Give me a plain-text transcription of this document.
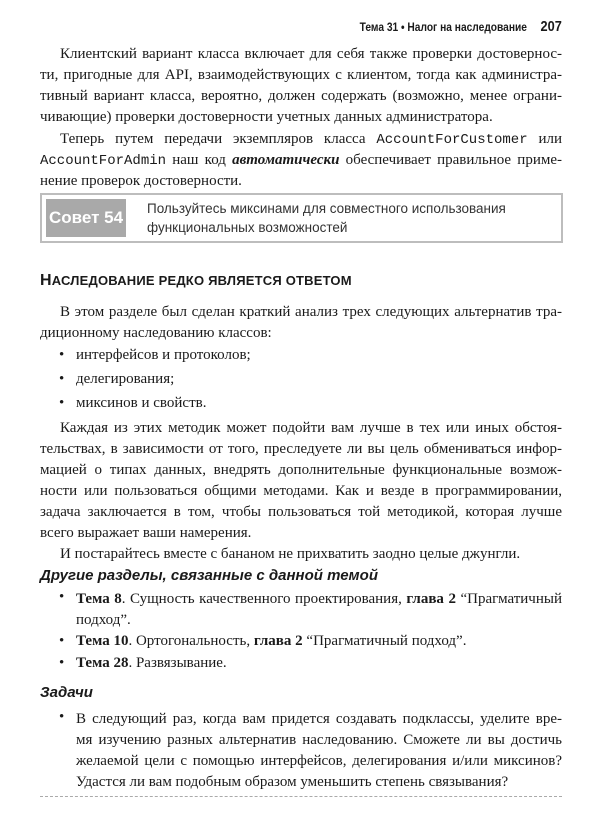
Тема 31 • Налог на наследование 207
Клиентский вариант класса включает для себя также проверки достовернос-
ти, пригодные для API, взаимодействующих с клиентом, тогда как администра-
тивный вариант класса, вероятно, должен содержать (возможно, менее ограни-
чивающие) проверки достоверности учетных данных администратора.
Теперь путем передачи экземпляров класса AccountForCustomer или
AccountForAdmin наш код автоматически обеспечивает правильное приме-
нение проверок достоверности.
Совет 54 Пользуйтесь миксинами для совместного использования
функциональных возможностей
НАСЛЕДОВАНИЕ РЕДКО ЯВЛЯЕТСЯ ОТВЕТОМ
В этом разделе был сделан краткий анализ трех следующих альтернатив тра-
диционному наследованию классов:
• интерфейсов и протоколов;
• делегирования;
• миксинов и свойств.
Каждая из этих методик может подойти вам лучше в тех или иных обстоя-
тельствах, в зависимости от того, преследуете ли вы цель обмениваться инфор-
мацией о типах данных, внедрять дополнительные функциональные возмож-
ности или пользоваться общими методами. Как и везде в программировании,
задача заключается в том, чтобы пользоваться той методикой, которая лучше
всего выражает ваши намерения.
И постарайтесь вместе с бананом не прихватить заодно целые джунгли.
Другие разделы, связанные с данной темой
• Тема 8. Сущность качественного проектирования, глава 2 “Прагматичный
подход”.
• Тема 10. Ортогональность, глава 2 “Прагматичный подход”.
• Тема 28. Развязывание.
Задачи
• В следующий раз, когда вам придется создавать подклассы, уделите вре-
мя изучению разных альтернатив наследованию. Сможете ли вы достичь
желаемой цели с помощью интерфейсов, делегирования и/или миксинов?
Удастся ли вам подобным образом уменьшить степень связывания?
